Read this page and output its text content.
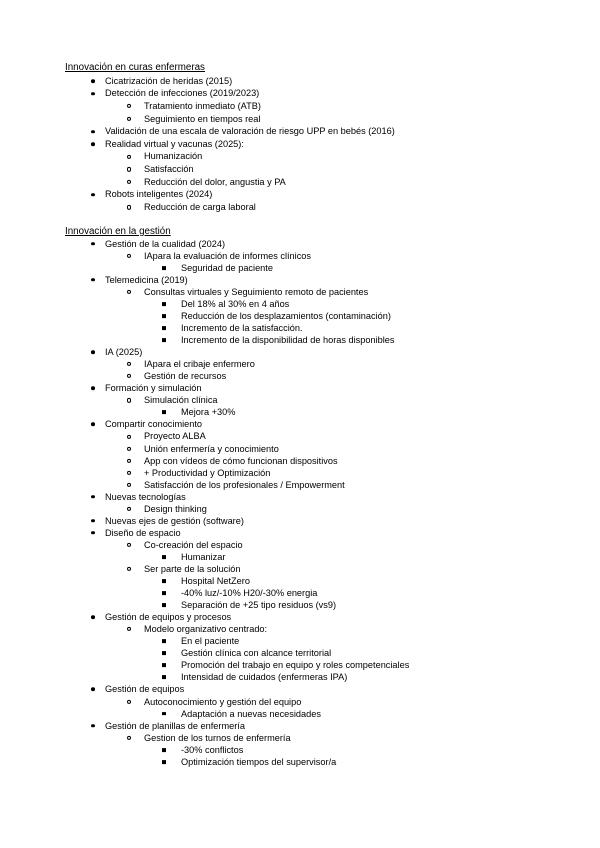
Innovación en curas enfermeras
Cicatrización de heridas (2015)
Detección de infecciones (2019/2023)
Tratamiento inmediato (ATB)
Seguimiento en tiempos real
Validación de una escala de valoración de riesgo UPP en bebés (2016)
Realidad virtual y vacunas (2025):
Humanización
Satisfacción
Reducción del dolor, angustia y PA
Robots inteligentes (2024)
Reducción de carga laboral
Innovación en la gestión
Gestión de la cualidad (2024)
IApara la evaluación de informes clínicos
Seguridad de paciente
Telemedicina (2019)
Consultas virtuales y Seguimiento remoto de pacientes
Del 18% al 30% en 4 años
Reducción de los desplazamientos (contaminación)
Incremento de la satisfacción.
Incremento de la disponibilidad de horas disponibles
IA (2025)
IApara el cribaje enfermero
Gestión de recursos
Formación y simulación
Simulación clínica
Mejora +30%
Compartir conocimiento
Proyecto ALBA
Unión enfermería y conocimiento
App con vídeos de cómo funcionan dispositivos
+ Productividad y Optimización
Satisfacción de los profesionales / Empowerment
Nuevas tecnologías
Design thinking
Nuevas ejes de gestión (software)
Diseño de espacio
Co-creación del espacio
Humanizar
Ser parte de la solución
Hospital NetZero
-40% luz/-10% H20/-30% energia
Separación de +25 tipo residuos (vs9)
Gestión de equipos y procesos
Modelo organizativo centrado:
En el paciente
Gestión clínica con alcance territorial
Promoción del trabajo en equipo y roles competenciales
Intensidad de cuidados (enfermeras IPA)
Gestión de equipos
Autoconocimiento y gestión del equipo
Adaptación a nuevas necesidades
Gestión de planillas de enfermería
Gestion de los turnos de enfermería
-30% conflictos
Optimización tiempos del supervisor/a
